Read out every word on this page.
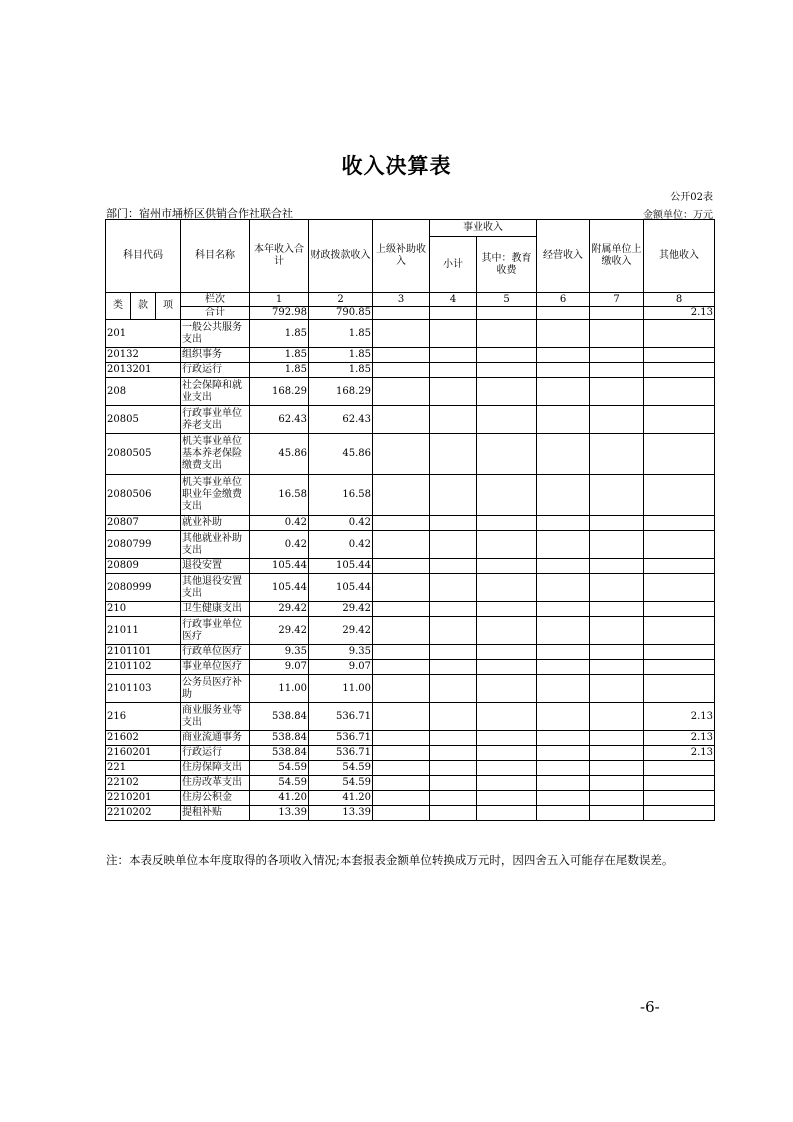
收入决算表
公开02表
部门：宿州市埇桥区供销合作社联合社	金额单位：万元
科目代码			科目名称	本年收入合计	财政拨款收入	上级补助收入	事业收入		经营收入	附属单位上缴收入	其他收入
							小计	其中：教育收费			

类	款	项	栏次	1	2	3	4	5	6	7	8
			合计	792.98	790.85						2.13
201			一般公共服务支出	1.85	1.85						
20132			组织事务	1.85	1.85						
2013201			行政运行	1.85	1.85						
208			社会保障和就业支出	168.29	168.29						
20805			行政事业单位养老支出	62.43	62.43						
2080505			机关事业单位基本养老保险缴费支出	45.86	45.86						
2080506			机关事业单位职业年金缴费支出	16.58	16.58						
20807			就业补助	0.42	0.42						
2080799			其他就业补助支出	0.42	0.42						
20809			退役安置	105.44	105.44						
2080999			其他退役安置支出	105.44	105.44						
210			卫生健康支出	29.42	29.42						
21011			行政事业单位医疗	29.42	29.42						
2101101			行政单位医疗	9.35	9.35						
2101102			事业单位医疗	9.07	9.07						
2101103			公务员医疗补助	11.00	11.00						
216			商业服务业等支出	538.84	536.71						2.13
21602			商业流通事务	538.84	536.71						2.13
2160201			行政运行	538.84	536.71						2.13
221			住房保障支出	54.59	54.59						
22102			住房改革支出	54.59	54.59						
2210201			住房公积金	41.20	41.20						
2210202			提租补贴	13.39	13.39						
注：本表反映单位本年度取得的各项收入情况;本套报表金额单位转换成万元时，因四舍五入可能存在尾数误差。
-6-
